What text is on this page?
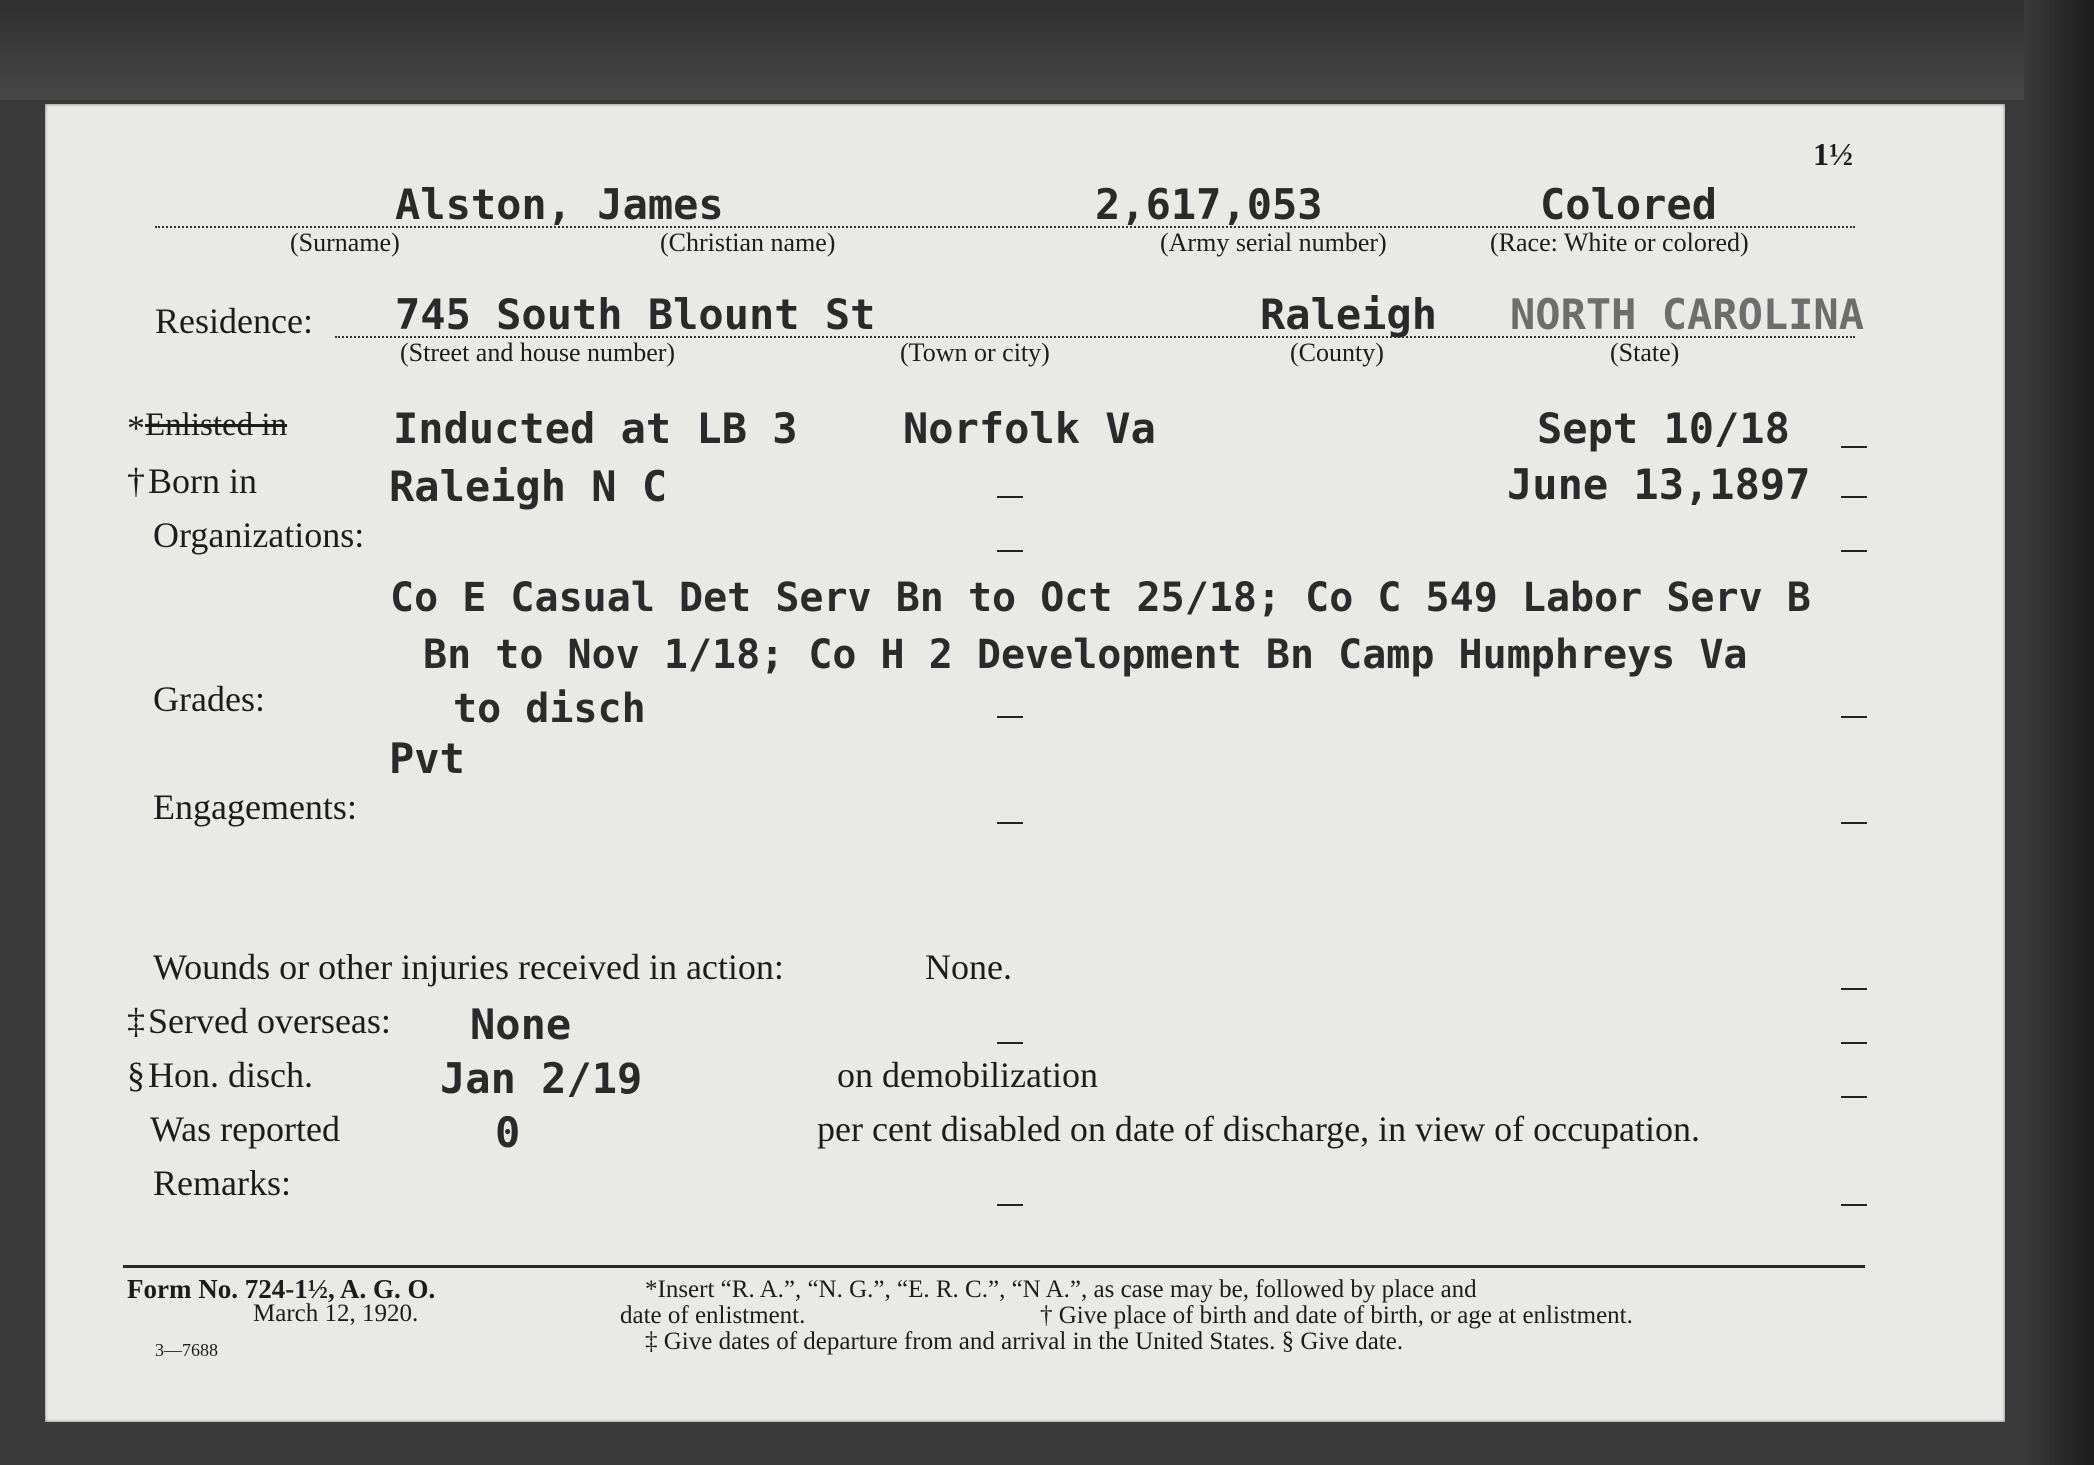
1½
Alston, James	2,617,053	Colored
(Surname)	(Christian name)	(Army serial number)	(Race: White or colored)
Residence: 745 South Blount St	Raleigh NORTH CAROLINA
(Street and house number)	(Town or city)	(County)	(State)
* Enlisted in	Inducted at LB 3	Norfolk Va	Sept 10/18
† Born in	Raleigh N C	June 13,1897
Organizations:
Co E Casual Det Serv Bn to Oct 25/18; Co C 549 Labor Serv B
Bn to Nov 1/18; Co H 2 Development Bn Camp Humphreys Va
to disch
Grades:
Pvt
Engagements:
Wounds or other injuries received in action:	None.
‡ Served overseas: None
§ Hon. disch.	Jan 2/19	on demobilization
Was reported	0	per cent disabled on date of discharge, in view of occupation.
Remarks:
Form No. 724-1½, A. G. O.
March 12, 1920.
3—7688
*Insert “R. A.”, “N. G.”, “E. R. C.”, “N A.”, as case may be, followed by place and
date of enlistment.	† Give place of birth and date of birth, or age at enlistment.
‡ Give dates of departure from and arrival in the United States. § Give date.
